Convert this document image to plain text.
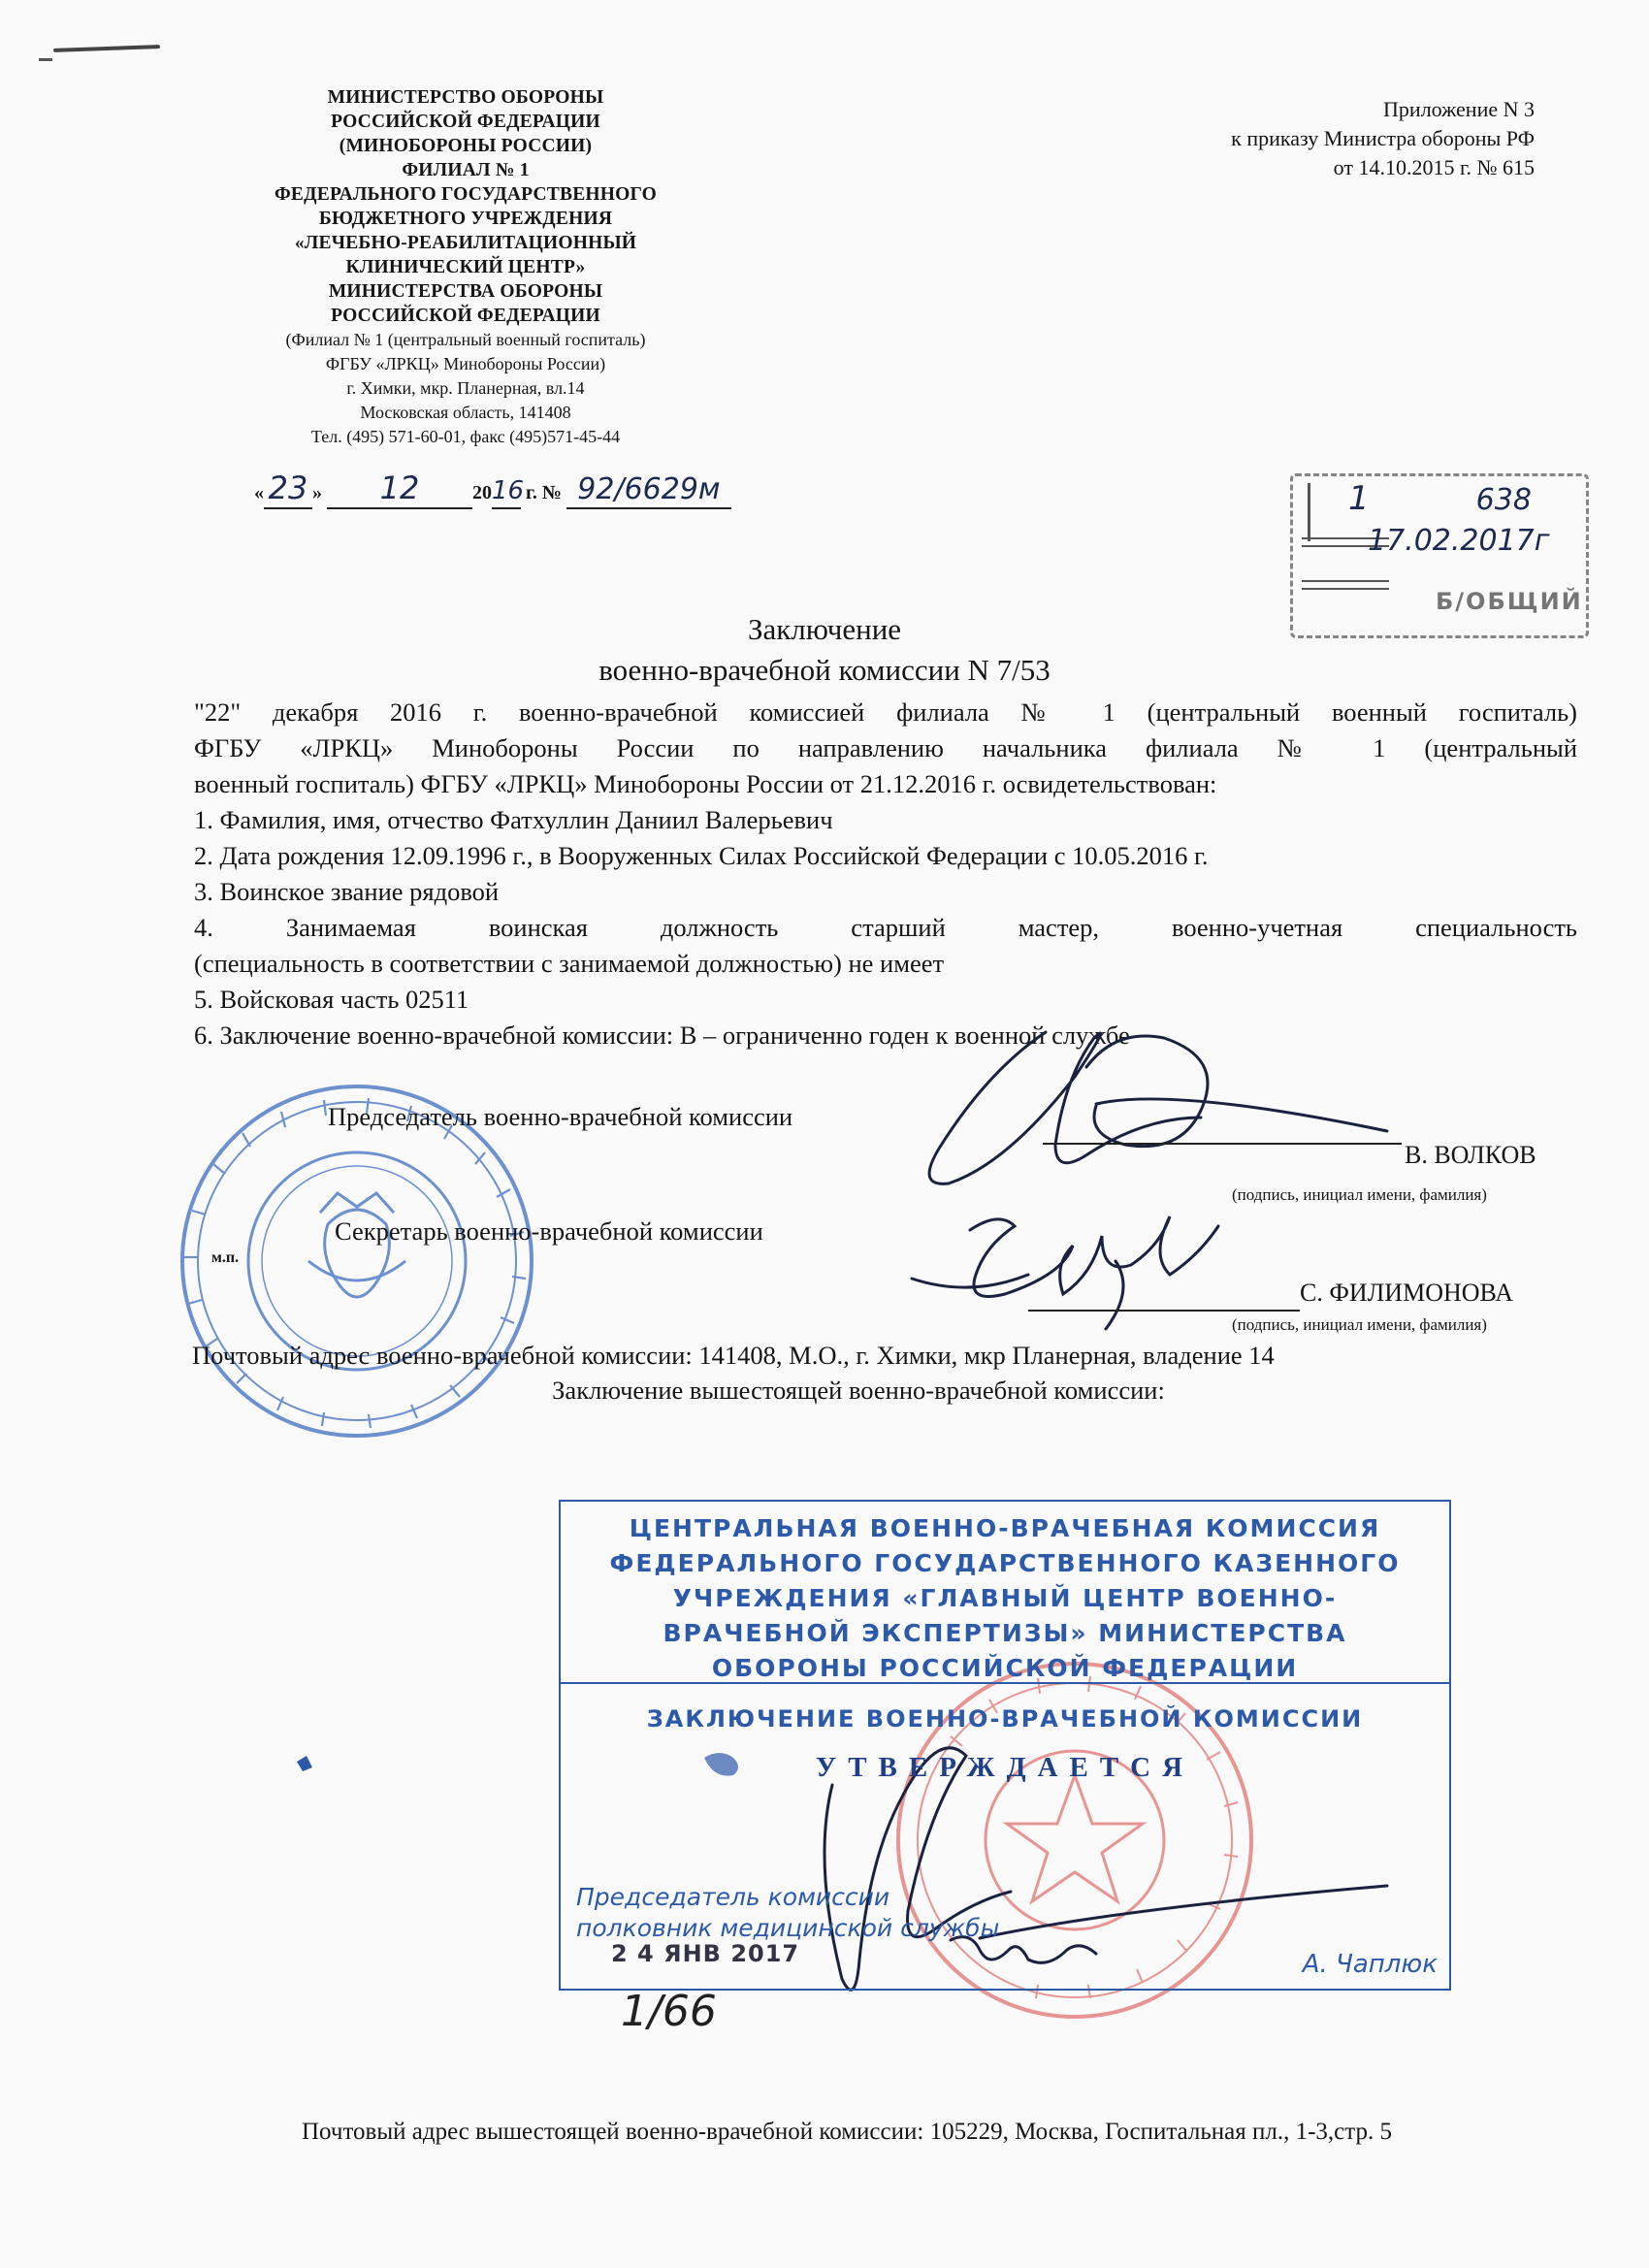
МИНИСТЕРСТВО ОБОРОНЫ
РОССИЙСКОЙ ФЕДЕРАЦИИ
(МИНОБОРОНЫ РОССИИ)
ФИЛИАЛ № 1
ФЕДЕРАЛЬНОГО ГОСУДАРСТВЕННОГО
БЮДЖЕТНОГО УЧРЕЖДЕНИЯ
«ЛЕЧЕБНО-РЕАБИЛИТАЦИОННЫЙ
КЛИНИЧЕСКИЙ ЦЕНТР»
МИНИСТЕРСТВА ОБОРОНЫ
РОССИЙСКОЙ ФЕДЕРАЦИИ
(Филиал № 1 (центральный военный госпиталь)
ФГБУ «ЛРКЦ» Минобороны России)
г. Химки, мкр. Планерная, вл.14
Московская область, 141408
Тел. (495) 571-60-01, факс (495)571-45-44
Приложение N 3
к приказу Министра обороны РФ
от 14.10.2015 г. № 615
« 23 » 12	2016 г. № 92/6629м	1	638
17.02.2017г
Б/ОБЩИЙ
Заключение
военно-врачебной комиссии N 7/53

"22" декабря 2016 г. военно-врачебной комиссией филиала № 1 (центральный военный госпиталь)

ФГБУ «ЛРКЦ» Минобороны России по направлению начальника филиала № 1 (центральный

военный госпиталь) ФГБУ «ЛРКЦ» Минобороны России от 21.12.2016 г. освидетельствован:

1. Фамилия, имя, отчество Фатхуллин Даниил Валерьевич

2. Дата рождения 12.09.1996 г., в Вооруженных Силах Российской Федерации с 10.05.2016 г.

3. Воинское звание рядовой

4. Занимаемая воинская должность старший мастер, военно-учетная специальность

(специальность в соответствии с занимаемой должностью) не имеет

5. Войсковая часть 02511

6. Заключение военно-врачебной комиссии: В – ограниченно годен к военной службе

Председатель военно-врачебной комиссии
В. ВОЛКОВ
(подпись, инициал имени, фамилия)
Секретарь военно-врачебной комиссии
м.п.
С. ФИЛИМОНОВА
(подпись, инициал имени, фамилия)
Почтовый адрес военно-врачебной комиссии: 141408, М.О., г. Химки, мкр Планерная, владение 14
Заключение вышестоящей военно-врачебной комиссии:
ЦЕНТРАЛЬНАЯ ВОЕННО-ВРАЧЕБНАЯ КОМИССИЯ
ФЕДЕРАЛЬНОГО ГОСУДАРСТВЕННОГО КАЗЕННОГО
УЧРЕЖДЕНИЯ «ГЛАВНЫЙ ЦЕНТР ВОЕННО-
ВРАЧЕБНОЙ ЭКСПЕРТИЗЫ» МИНИСТЕРСТВА
ОБОРОНЫ РОССИЙСКОЙ ФЕДЕРАЦИИ
ЗАКЛЮЧЕНИЕ ВОЕННО-ВРАЧЕБНОЙ КОМИССИИ
УТВЕРЖДАЕТСЯ
Председатель комиссии
полковник медицинской службы
2 4 ЯНВ 2017	А. Чаплюк
1/66
Почтовый адрес вышестоящей военно-врачебной комиссии: 105229, Москва, Госпитальная пл., 1-3,стр. 5
